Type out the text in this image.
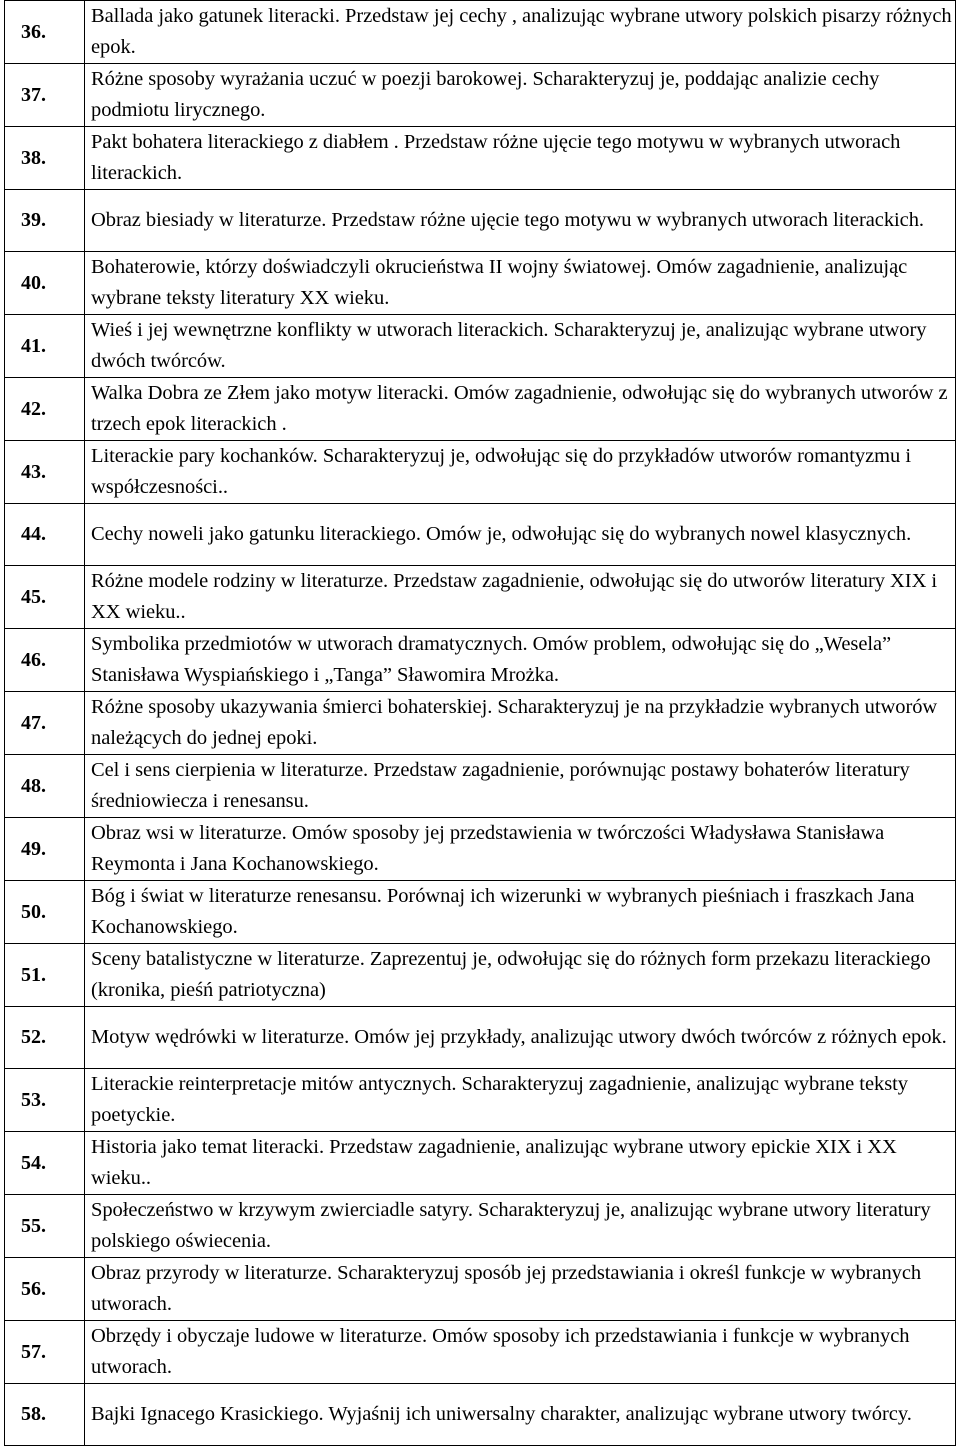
36.	Ballada jako gatunek literacki. Przedstaw jej cechy , analizując wybrane utwory polskich pisarzy różnych epok.
37.	Różne sposoby wyrażania uczuć w poezji barokowej. Scharakteryzuj je, poddając analizie cechy podmiotu lirycznego.
38.	Pakt bohatera literackiego z diabłem . Przedstaw różne ujęcie tego motywu w wybranych utworach literackich.
39.	Obraz biesiady w literaturze. Przedstaw różne ujęcie tego motywu w wybranych utworach literackich.
40.	Bohaterowie, którzy doświadczyli okrucieństwa II wojny światowej. Omów zagadnienie, analizując wybrane teksty literatury XX wieku.
41.	Wieś i jej wewnętrzne konflikty w utworach literackich. Scharakteryzuj je, analizując wybrane utwory dwóch twórców.
42.	Walka Dobra ze Złem jako motyw literacki. Omów zagadnienie, odwołując się do wybranych utworów z trzech epok literackich .
43.	Literackie pary kochanków. Scharakteryzuj je, odwołując się do przykładów utworów romantyzmu i współczesności..
44.	Cechy noweli jako gatunku literackiego. Omów je, odwołując się do wybranych nowel klasycznych.
45.	Różne modele rodziny w literaturze. Przedstaw zagadnienie, odwołując się do utworów literatury XIX i XX wieku..
46.	Symbolika przedmiotów w utworach dramatycznych. Omów problem, odwołując się do „Wesela” Stanisława Wyspiańskiego i „Tanga” Sławomira Mrożka.
47.	Różne sposoby ukazywania śmierci bohaterskiej. Scharakteryzuj je na przykładzie wybranych utworów należących do jednej epoki.
48.	Cel i sens cierpienia w literaturze. Przedstaw zagadnienie, porównując postawy bohaterów literatury średniowiecza i renesansu.
49.	Obraz wsi w literaturze. Omów sposoby jej przedstawienia w twórczości Władysława Stanisława Reymonta i Jana Kochanowskiego.
50.	Bóg i świat w literaturze renesansu. Porównaj ich wizerunki w wybranych pieśniach i fraszkach Jana Kochanowskiego.
51.	Sceny batalistyczne w literaturze. Zaprezentuj je, odwołując się do różnych form przekazu literackiego (kronika, pieśń patriotyczna)
52.	Motyw wędrówki w literaturze. Omów jej przykłady, analizując utwory dwóch twórców z różnych epok.
53.	Literackie reinterpretacje mitów antycznych. Scharakteryzuj zagadnienie, analizując wybrane teksty poetyckie.
54.	Historia jako temat literacki. Przedstaw zagadnienie, analizując wybrane utwory epickie XIX i XX wieku..
55.	Społeczeństwo w krzywym zwierciadle satyry. Scharakteryzuj je, analizując wybrane utwory literatury polskiego oświecenia.
56.	Obraz przyrody w literaturze. Scharakteryzuj sposób jej przedstawiania i określ funkcje w wybranych utworach.
57.	Obrzędy i obyczaje ludowe w literaturze. Omów sposoby ich przedstawiania i funkcje w wybranych utworach.
58.	Bajki Ignacego Krasickiego. Wyjaśnij ich uniwersalny charakter, analizując wybrane utwory twórcy.
